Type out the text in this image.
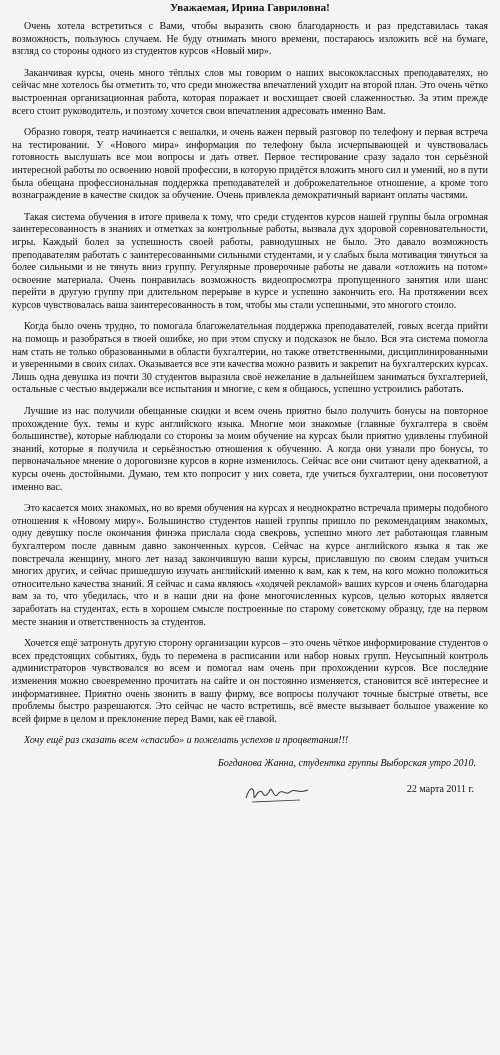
Уважаемая, Ирина Гавриловна!
Очень хотела встретиться с Вами, чтобы выразить свою благодарность и раз представилась такая возможность, пользуюсь случаем. Не буду отнимать много времени, постараюсь изложить всё на бумаге, взгляд со стороны одного из студентов курсов «Новый мир».
Заканчивая курсы, очень много тёплых слов мы говорим о наших высококлассных преподавателях, но сейчас мне хотелось бы отметить то, что среди множества впечатлений уходит на второй план. Это очень чётко выстроенная организационная работа, которая поражает и восхищает своей слаженностью. За этим прежде всего стоит руководитель, и поэтому хочется свои впечатления адресовать именно Вам.
Образно говоря, театр начинается с вешалки, и очень важен первый разговор по телефону и первая встреча на тестировании. У «Нового мира» информация по телефону была исчерпывающей и чувствовалась готовность выслушать все мои вопросы и дать ответ. Первое тестирование сразу задало тон серьёзной интересной работы по освоению новой профессии, в которую придётся вложить много сил и умений, но в пути была обещана профессиональная поддержка преподавателей и доброжелательное отношение, а кроме того вознаграждение в качестве скидок за обучение. Очень привлекла демократичный вариант оплаты частями.
Такая система обучения в итоге привела к тому, что среди студентов курсов нашей группы была огромная заинтересованность в знаниях и отметках за контрольные работы, вызвала дух здоровой соревновательности, игры. Каждый болел за успешность своей работы, равнодушных не было. Это давало возможность преподавателям работать с заинтересованными сильными студентами, и у слабых была мотивация тянуться за более сильными и не тянуть вниз группу. Регулярные проверочные работы не давали «отложить на потом» освоение материала. Очень понравилась возможность видеопросмотра пропущенного занятия или шанс перейти в другую группу при длительном перерыве в курсе и успешно закончить его. На протяжении всех курсов чувствовалась ваша заинтересованность в том, чтобы мы стали успешными, это многого стоило.
Когда было очень трудно, то помогала благожелательная поддержка преподавателей, говых всегда прийти на помощь и разобраться в твоей ошибке, но при этом спуску и подсказок не было. Вся эта система помогла нам стать не только образованными в области бухгалтерии, но также ответственными, дисциплинированными и уверенными в своих силах. Оказывается все эти качества можно развить и закрепит на бухгалтерских курсах. Лишь одна девушка из почти 30 студентов выразила своё нежелание в дальнейшем заниматься бухгалтерией, остальные с честью выдержали все испытания и многие, с кем я общаюсь, успешно устроились работать.
Лучшие из нас получили обещанные скидки и всем очень приятно было получить бонусы на повторное прохождение бух. темы и курс английского языка. Многие мои знакомые (главные бухгалтера в своём большинстве), которые наблюдали со стороны за моим обучение на курсах были приятно удивлены глубиной знаний, которые я получила и серьёзностью отношения к обучению. А когда они узнали про бонусы, то первоначальное мнение о дороговизне курсов в корне изменилось. Сейчас все они считают цену адекватной, а курсы очень достойными. Думаю, тем кто попросит у них совета, где учиться бухгалтерии, они посоветуют именно вас.
Это касается моих знакомых, но во время обучения на курсах я неоднократно встречала примеры подобного отношения к «Новому миру». Большинство студентов нашей группы пришло по рекомендациям знакомых, одну девушку после окончания финэка прислала сюда свекровь, успешно много лет работающая главным бухгалтером после давным давно законченных курсов. Сейчас на курсе английского языка я так же повстречала женщину, много лет назад закончившую ваши курсы, приславшую по своим следам учиться многих других, и сейчас пришедшую изучать английский именно к вам, как к тем, на кого можно положиться относительно качества знаний. Я сейчас и сама являюсь «ходячей рекламой» ваших курсов и очень благодарна вам за то, что убедилась, что и в наши дни на фоне многочисленных курсов, целью которых является заработать на студентах, есть в хорошем смысле построенные по старому советскому образцу, где на первом месте знания и ответственность за студентов.
Хочется ещё затронуть другую сторону организации курсов – это очень чёткое информирование студентов о всех предстоящих событиях, будь то перемена в расписании или набор новых групп. Неусыпный контроль администраторов чувствовался во всем и помогал нам очень при прохождении курсов. Все последние изменения можно своевременно прочитать на сайте и он постоянно изменяется, становится всё интереснее и информативнее. Приятно очень звонить в вашу фирму, все вопросы получают точные быстрые ответы, все проблемы быстро разрешаются. Это сейчас не часто встретишь, всё вместе вызывает большое уважение ко всей фирме в целом и преклонение перед Вами, как её главой.
Хочу ещё раз сказать всем «спасибо» и пожелать успехов и процветания!!!
Богданова Жанна, студентка группы Выборская утро 2010.
22 марта 2011 г.
